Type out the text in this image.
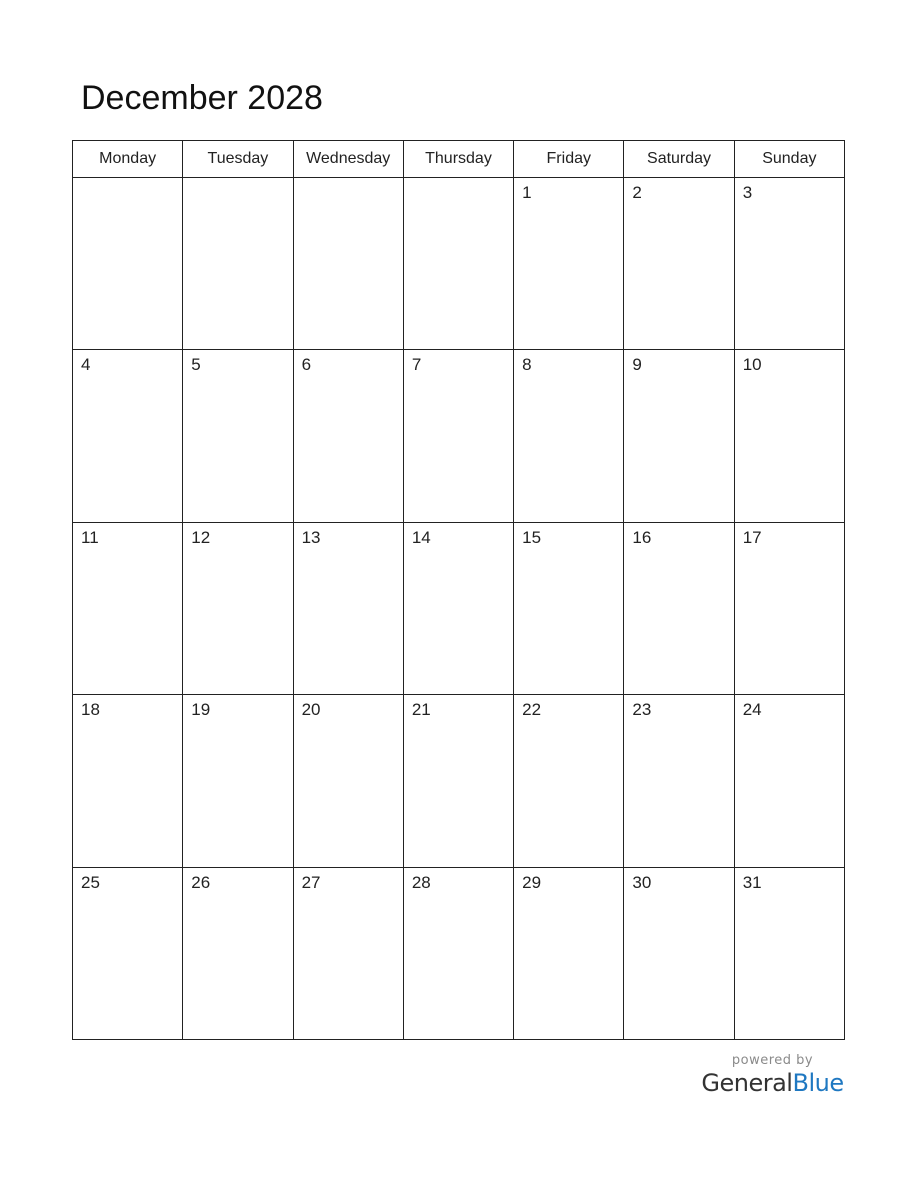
December 2028
Monday	Tuesday	Wednesday	Thursday	Friday	Saturday	Sunday

				1	2	3

4	5	6	7	8	9	10

11	12	13	14	15	16	17

18	19	20	21	22	23	24

25	26	27	28	29	30	31
powered by
GeneralBlue
